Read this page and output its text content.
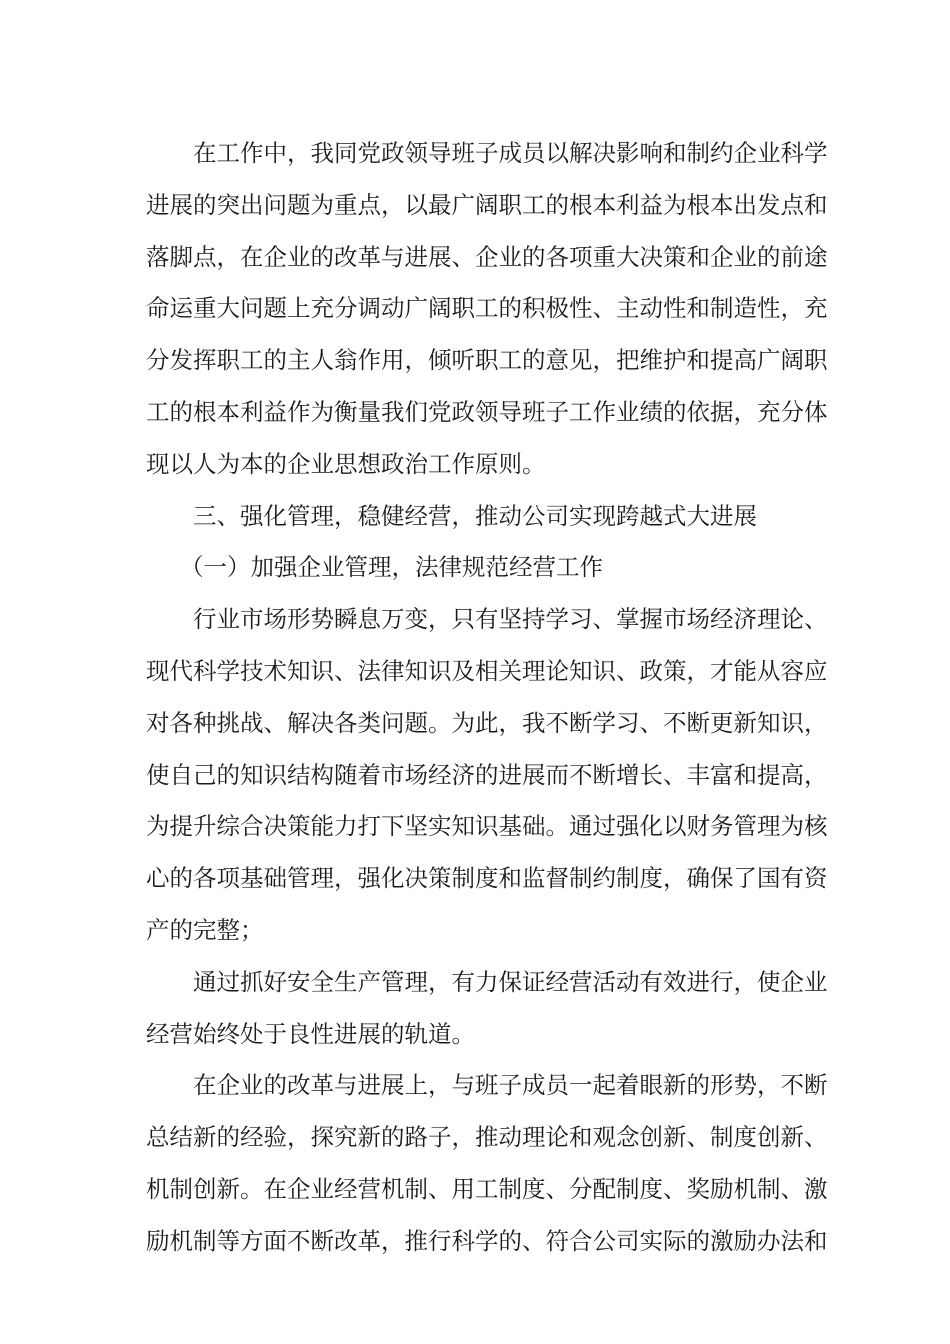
在工作中，我同党政领导班子成员以解决影响和制约企业科学
进展的突出问题为重点，以最广阔职工的根本利益为根本出发点和
落脚点，在企业的改革与进展、企业的各项重大决策和企业的前途
命运重大问题上充分调动广阔职工的积极性、主动性和制造性，充
分发挥职工的主人翁作用，倾听职工的意见，把维护和提高广阔职
工的根本利益作为衡量我们党政领导班子工作业绩的依据，充分体
现以人为本的企业思想政治工作原则。
三、强化管理，稳健经营，推动公司实现跨越式大进展
（一）加强企业管理，法律规范经营工作
行业市场形势瞬息万变，只有坚持学习、掌握市场经济理论、
现代科学技术知识、法律知识及相关理论知识、政策，才能从容应
对各种挑战、解决各类问题。为此，我不断学习、不断更新知识，
使自己的知识结构随着市场经济的进展而不断增长、丰富和提高，
为提升综合决策能力打下坚实知识基础。通过强化以财务管理为核
心的各项基础管理，强化决策制度和监督制约制度，确保了国有资
产的完整；
通过抓好安全生产管理，有力保证经营活动有效进行，使企业
经营始终处于良性进展的轨道。
在企业的改革与进展上，与班子成员一起着眼新的形势，不断
总结新的经验，探究新的路子，推动理论和观念创新、制度创新、
机制创新。在企业经营机制、用工制度、分配制度、奖励机制、激
励机制等方面不断改革，推行科学的、符合公司实际的激励办法和
